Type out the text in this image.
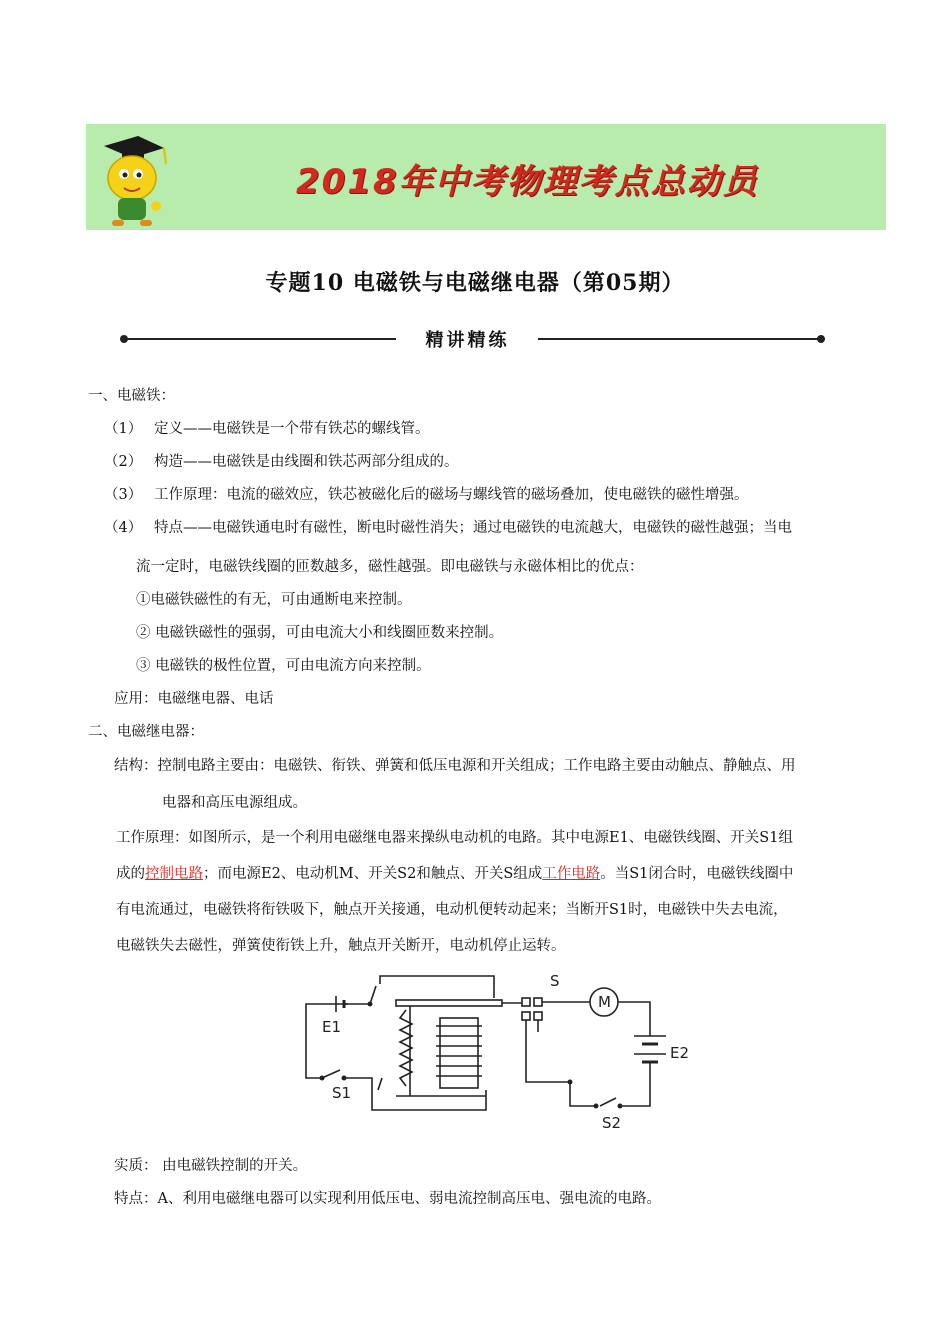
2018年中考物理考点总动员
专题10 电磁铁与电磁继电器（第05期）
精讲精练
一、电磁铁：
（1） 定义——电磁铁是一个带有铁芯的螺线管。
（2） 构造——电磁铁是由线圈和铁芯两部分组成的。
（3） 工作原理：电流的磁效应，铁芯被磁化后的磁场与螺线管的磁场叠加，使电磁铁的磁性增强。
（4） 特点——电磁铁通电时有磁性，断电时磁性消失；通过电磁铁的电流越大，电磁铁的磁性越强；当电
流一定时，电磁铁线圈的匝数越多，磁性越强。即电磁铁与永磁体相比的优点：
①电磁铁磁性的有无，可由通断电来控制。
② 电磁铁磁性的强弱，可由电流大小和线圈匝数来控制。
③ 电磁铁的极性位置，可由电流方向来控制。
应用：电磁继电器、电话
二、电磁继电器：
结构：控制电路主要由：电磁铁、衔铁、弹簧和低压电源和开关组成；工作电路主要由动触点、静触点、用
电器和高压电源组成。
工作原理：如图所示，是一个利用电磁继电器来操纵电动机的电路。其中电源E1、电磁铁线圈、开关S1组
成的控制电路；而电源E2、电动机M、开关S2和触点、开关S组成工作电路。当S1闭合时，电磁铁线圈中
有电流通过，电磁铁将衔铁吸下，触点开关接通，电动机便转动起来；当断开S1时，电磁铁中失去电流，
电磁铁失去磁性，弹簧使衔铁上升，触点开关断开，电动机停止运转。
E1
S1
S
M
E2
S2
实质： 由电磁铁控制的开关。
特点：A、利用电磁继电器可以实现利用低压电、弱电流控制高压电、强电流的电路。
